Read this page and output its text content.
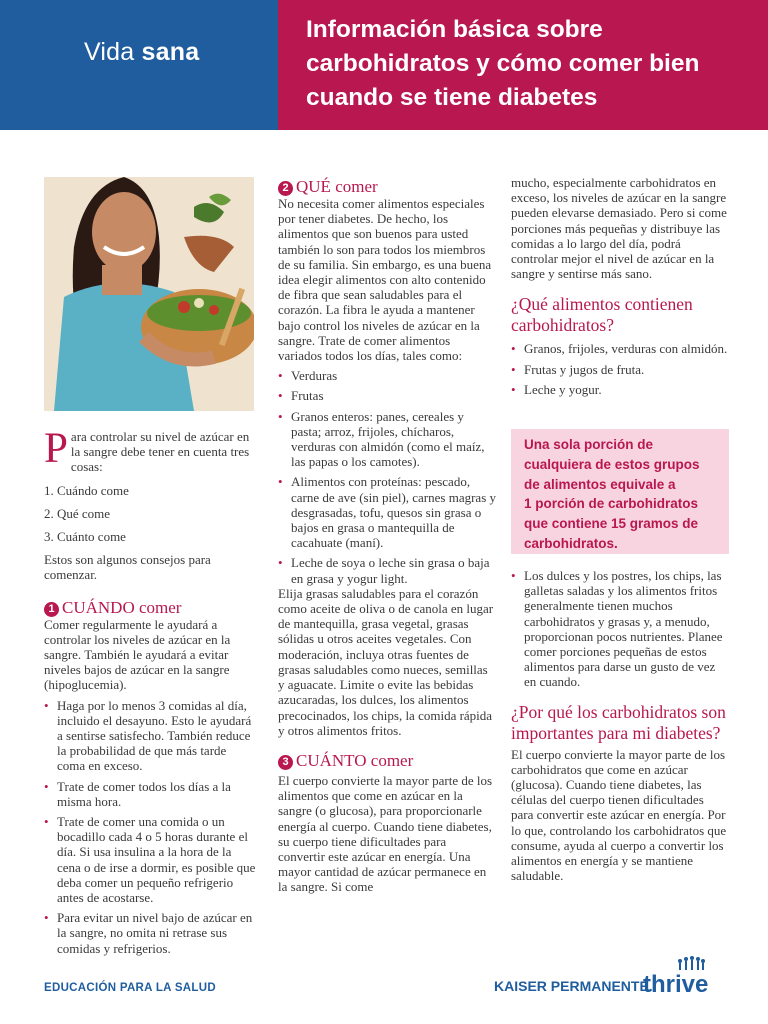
Vida sana
Información básica sobre
carbohidratos y cómo comer bien
cuando se tiene diabetes

Para controlar su nivel de azúcar en la sangre debe tener en cuenta tres cosas:

1. Cuándo come

2. Qué come

3. Cuánto come

Estos son algunos consejos para comenzar.

1 CUÁNDO comer

Comer regularmente le ayudará a controlar los niveles de azúcar en la sangre. También le ayudará a evitar niveles bajos de azúcar en la sangre (hipoglucemia).

• Haga por lo menos 3 comidas al día, incluido el desayuno. Esto le ayudará a sentirse satisfecho. También reduce la probabilidad de que más tarde coma en exceso.
• Trate de comer todos los días a la misma hora.
• Trate de comer una comida o un bocadillo cada 4 o 5 horas durante el día. Si usa insulina a la hora de la cena o de irse a dormir, es posible que deba comer un pequeño refrigerio antes de acostarse.
• Para evitar un nivel bajo de azúcar en la sangre, no omita ni retrase sus comidas y refrigerios.
2 QUÉ comer

No necesita comer alimentos especiales por tener diabetes. De hecho, los alimentos que son buenos para usted también lo son para todos los miembros de su familia. Sin embargo, es una buena idea elegir alimentos con alto contenido de fibra que sean saludables para el corazón. La fibra le ayuda a mantener bajo control los niveles de azúcar en la sangre. Trate de comer alimentos variados todos los días, tales como:

• Verduras
• Frutas
• Granos enteros: panes, cereales y pasta; arroz, frijoles, chícharos, verduras con almidón (como el maíz, las papas o los camotes).
• Alimentos con proteínas: pescado, carne de ave (sin piel), carnes magras y desgrasadas, tofu, quesos sin grasa o bajos en grasa o mantequilla de cacahuate (maní).
• Leche de soya o leche sin grasa o baja en grasa y yogur light.

Elija grasas saludables para el corazón como aceite de oliva o de canola en lugar de mantequilla, grasa vegetal, grasas sólidas u otros aceites vegetales. Con moderación, incluya otras fuentes de grasas saludables como nueces, semillas y aguacate. Limite o evite las bebidas azucaradas, los dulces, los alimentos precocinados, los chips, la comida rápida y otros alimentos fritos.

3 CUÁNTO comer

El cuerpo convierte la mayor parte de los alimentos que come en azúcar en la sangre (o glucosa), para proporcionarle energía al cuerpo. Cuando tiene diabetes, su cuerpo tiene dificultades para convertir este azúcar en energía. Una mayor cantidad de azúcar permanece en la sangre. Si come

mucho, especialmente carbohidratos en exceso, los niveles de azúcar en la sangre pueden elevarse demasiado. Pero si come porciones más pequeñas y distribuye las comidas a lo largo del día, podrá controlar mejor el nivel de azúcar en la sangre y sentirse más sano.

¿Qué alimentos contienen carbohidratos?
• Granos, frijoles, verduras con almidón.
• Frutas y jugos de fruta.
• Leche y yogur.

Una sola porción de
cualquiera de estos grupos
de alimentos equivale a
1 porción de carbohidratos
que contiene 15 gramos de
carbohidratos.

• Los dulces y los postres, los chips, las galletas saladas y los alimentos fritos generalmente tienen muchos carbohidratos y grasas y, a menudo, proporcionan pocos nutrientes. Planee comer porciones pequeñas de estos alimentos para darse un gusto de vez en cuando.
¿Por qué los carbohidratos son importantes para mi diabetes?

El cuerpo convierte la mayor parte de los carbohidratos que come en azúcar (glucosa). Cuando tiene diabetes, las células del cuerpo tienen dificultades para convertir este azúcar en energía. Por lo que, controlando los carbohidratos que consume, ayuda al cuerpo a convertir los alimentos en energía y se mantiene saludable.

EDUCACIÓN PARA LA SALUD	KAISER PERMANENTE.
thrive
